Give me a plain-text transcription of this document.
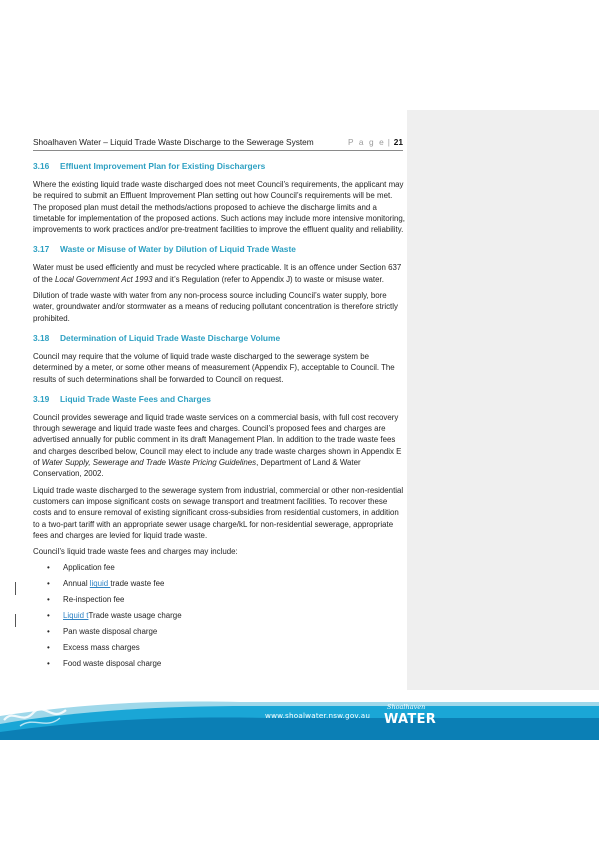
Shoalhaven Water – Liquid Trade Waste Discharge to the Sewerage System	P a g e | 21
3.16 Effluent Improvement Plan for Existing Dischargers

Where the existing liquid trade waste discharged does not meet Council’s requirements, the applicant may be required to submit an Effluent Improvement Plan setting out how Council’s requirements will be met. The proposed plan must detail the methods/actions proposed to achieve the discharge limits and a timetable for implementation of the proposed actions. Such actions may include more intensive monitoring, improvements to work practices and/or pre-treatment facilities to improve the effluent quality and reliability.

3.17 Waste or Misuse of Water by Dilution of Liquid Trade Waste

Water must be used efficiently and must be recycled where practicable. It is an offence under Section 637 of the Local Government Act 1993 and it’s Regulation (refer to Appendix J) to waste or misuse water.

Dilution of trade waste with water from any non-process source including Council’s water supply, bore water, groundwater and/or stormwater as a means of reducing pollutant concentration is therefore strictly prohibited.

3.18 Determination of Liquid Trade Waste Discharge Volume

Council may require that the volume of liquid trade waste discharged to the sewerage system be determined by a meter, or some other means of measurement (Appendix F), acceptable to Council. The results of such determinations shall be forwarded to Council on request.

3.19 Liquid Trade Waste Fees and Charges

Council provides sewerage and liquid trade waste services on a commercial basis, with full cost recovery through sewerage and liquid trade waste fees and charges. Council’s proposed fees and charges are advertised annually for public comment in its draft Management Plan. In addition to the trade waste fees and charges described below, Council may elect to include any trade waste charges shown in Appendix E of Water Supply, Sewerage and Trade Waste Pricing Guidelines, Department of Land & Water Conservation, 2002.

Liquid trade waste discharged to the sewerage system from industrial, commercial or other non-residential customers can impose significant costs on sewage transport and treatment facilities. To recover these costs and to ensure removal of existing significant cross-subsidies from residential customers, in addition to a two-part tariff with an appropriate sewer usage charge/kL for non-residential sewerage, appropriate fees and charges are levied for liquid trade waste.

Council’s liquid trade waste fees and charges may include:

• Application fee
• Annual liquid trade waste fee
• Re-inspection fee
• Liquid tTrade waste usage charge
• Pan waste disposal charge
• Excess mass charges
• Food waste disposal charge
www.shoalwater.nsw.gov.au
Shoalhaven
WATER
